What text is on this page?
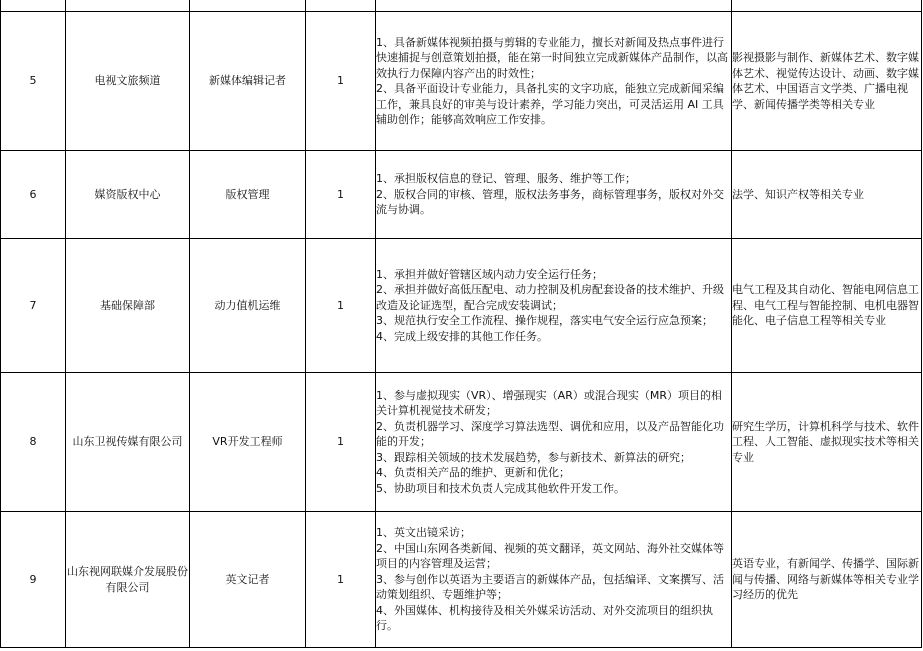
5	电视文旅频道	新媒体编辑记者	1	1、具备新媒体视频拍摄与剪辑的专业能力，擅长对新闻及热点事件进行快速捕捉与创意策划拍摄，能在第一时间独立完成新媒体产品制作，以高效执行力保障内容产出的时效性；
2、具备平面设计专业能力，具备扎实的文字功底，能独立完成新闻采编工作，兼具良好的审美与设计素养，学习能力突出，可灵活运用 AI 工具辅助创作；能够高效响应工作安排。	影视摄影与制作、新媒体艺术、数字媒体艺术、视觉传达设计、动画、数字媒体艺术、中国语言文学类、广播电视学、新闻传播学类等相关专业
6	媒资版权中心	版权管理	1	1、承担版权信息的登记、管理、服务、维护等工作；
2、版权合同的审核、管理，版权法务事务，商标管理事务，版权对外交流与协调。	法学、知识产权等相关专业
7	基础保障部	动力值机运维	1	1、承担并做好管辖区域内动力安全运行任务；
2、承担并做好高低压配电、动力控制及机房配套设备的技术维护、升级改造及论证选型，配合完成安装调试；
3、规范执行安全工作流程、操作规程，落实电气安全运行应急预案；
4、完成上级安排的其他工作任务。	电气工程及其自动化、智能电网信息工程、电气工程与智能控制、电机电器智能化、电子信息工程等相关专业
8	山东卫视传媒有限公司	VR开发工程师	1	1、参与虚拟现实（VR）、增强现实（AR）或混合现实（MR）项目的相关计算机视觉技术研发；
2、负责机器学习、深度学习算法选型、调优和应用，以及产品智能化功能的开发；
3、跟踪相关领域的技术发展趋势，参与新技术、新算法的研究；
4、负责相关产品的维护、更新和优化；
5、协助项目和技术负责人完成其他软件开发工作。	研究生学历，计算机科学与技术、软件工程、人工智能、虚拟现实技术等相关专业
9	山东视网联媒介发展股份有限公司	英文记者	1	1、英文出镜采访；
2、中国山东网各类新闻、视频的英文翻译，英文网站、海外社交媒体等项目的内容管理及运营；
3、参与创作以英语为主要语言的新媒体产品，包括编译、文案撰写、活动策划组织、专题维护等；
4、外国媒体、机构接待及相关外媒采访活动、对外交流项目的组织执行。	英语专业，有新闻学、传播学、国际新闻与传播、网络与新媒体等相关专业学习经历的优先
